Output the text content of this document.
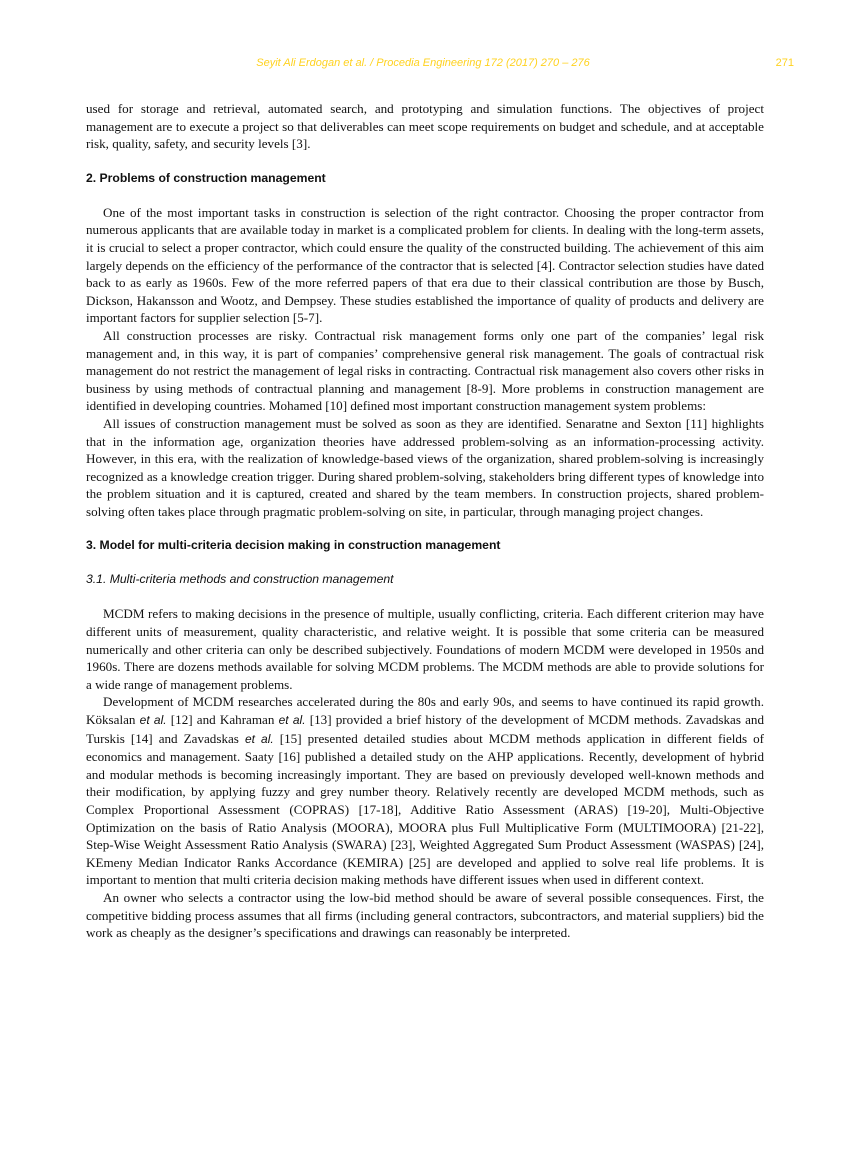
Seyit Ali Erdogan et al. / Procedia Engineering 172 (2017) 270 – 276	271

used for storage and retrieval, automated search, and prototyping and simulation functions. The objectives of project management are to execute a project so that deliverables can meet scope requirements on budget and schedule, and at acceptable risk, quality, safety, and security levels [3].

2. Problems of construction management

One of the most important tasks in construction is selection of the right contractor. Choosing the proper contractor from numerous applicants that are available today in market is a complicated problem for clients. In dealing with the long-term assets, it is crucial to select a proper contractor, which could ensure the quality of the constructed building. The achievement of this aim largely depends on the efficiency of the performance of the contractor that is selected [4]. Contractor selection studies have dated back to as early as 1960s. Few of the more referred papers of that era due to their classical contribution are those by Busch, Dickson, Hakansson and Wootz, and Dempsey. These studies established the importance of quality of products and delivery are important factors for supplier selection [5-7].

All construction processes are risky. Contractual risk management forms only one part of the companies’ legal risk management and, in this way, it is part of companies’ comprehensive general risk management. The goals of contractual risk management do not restrict the management of legal risks in contracting. Contractual risk management also covers other risks in business by using methods of contractual planning and management [8-9]. More problems in construction management are identified in developing countries. Mohamed [10] defined most important construction management system problems:

All issues of construction management must be solved as soon as they are identified. Senaratne and Sexton [11] highlights that in the information age, organization theories have addressed problem-solving as an information-processing activity. However, in this era, with the realization of knowledge-based views of the organization, shared problem-solving is increasingly recognized as a knowledge creation trigger. During shared problem-solving, stakeholders bring different types of knowledge into the problem situation and it is captured, created and shared by the team members. In construction projects, shared problem-solving often takes place through pragmatic problem-solving on site, in particular, through managing project changes.

3. Model for multi-criteria decision making in construction management
3.1. Multi-criteria methods and construction management

MCDM refers to making decisions in the presence of multiple, usually conflicting, criteria. Each different criterion may have different units of measurement, quality characteristic, and relative weight. It is possible that some criteria can be measured numerically and other criteria can only be described subjectively. Foundations of modern MCDM were developed in 1950s and 1960s. There are dozens methods available for solving MCDM problems. The MCDM methods are able to provide solutions for a wide range of management problems.

Development of MCDM researches accelerated during the 80s and early 90s, and seems to have continued its rapid growth. Köksalan et al. [12] and Kahraman et al. [13] provided a brief history of the development of MCDM methods. Zavadskas and Turskis [14] and Zavadskas et al. [15] presented detailed studies about MCDM methods application in different fields of economics and management. Saaty [16] published a detailed study on the AHP applications. Recently, development of hybrid and modular methods is becoming increasingly important. They are based on previously developed well-known methods and their modification, by applying fuzzy and grey number theory. Relatively recently are developed MCDM methods, such as Complex Proportional Assessment (COPRAS) [17-18], Additive Ratio Assessment (ARAS) [19-20], Multi-Objective Optimization on the basis of Ratio Analysis (MOORA), MOORA plus Full Multiplicative Form (MULTIMOORA) [21-22], Step-Wise Weight Assessment Ratio Analysis (SWARA) [23], Weighted Aggregated Sum Product Assessment (WASPAS) [24], KEmeny Median Indicator Ranks Accordance (KEMIRA) [25] are developed and applied to solve real life problems. It is important to mention that multi criteria decision making methods have different issues when used in different context.

An owner who selects a contractor using the low-bid method should be aware of several possible consequences. First, the competitive bidding process assumes that all firms (including general contractors, subcontractors, and material suppliers) bid the work as cheaply as the designer’s specifications and drawings can reasonably be interpreted.
